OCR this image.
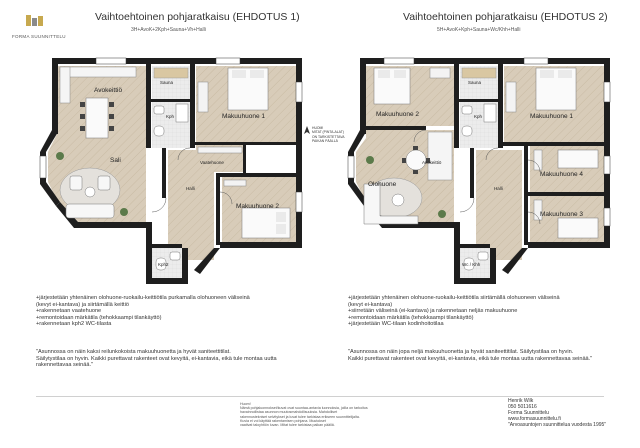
FORMA SUUNNITTELU
Vaihtoehtoinen pohjaratkaisu (EHDOTUS 1)
3H+AvoK+2Kph+Sauna+Vh+Halli
Vaihtoehtoinen pohjaratkaisu (EHDOTUS 2)
5H+AvoK+Kph+Sauna+Wc/Khh+Halli
Avokeittiö
Sauna
Kph	Makuuhuone 1
Sali	Vaatehuone
Halli
Makuuhuone 2
Kph2
HUOM!
MITAT (PINTA-ALAT)
ON TARKISTETTAVA
PAIKAN PÄÄLLÄ
Makuuhuone 2
Sauna
Kph	Makuuhuone 1
Avokeittiö
Olohuone
Halli
Makuuhuone 4
Makuuhuone 3
Wc / Khh
+järjestetään yhtenäinen olohuone-ruokailu-keittiötila purkamalla olohuoneen väliseinä
(kevyt ei-kantava) ja siirtämällä keittiö
+rakennetaan vaatehuone
+remontoidaan märkätila (tehokkaampi tilankäyttö)
+rakennetaan kph2 WC-tilasta
"Asunnossa on näin kaksi reilunkokoista makuuhuonetta ja hyvät saniteettitilat.
Säilytystilaa on hyvin. Kaikki purettavat rakenteet ovat kevyitä, ei-kantavia, eikä tule montaa uutta
rakennettavaa seinää."
+järjestetään yhtenäinen olohuone-ruokailu-keittiötila siirtämällä olohuoneen väliseinä
(kevyt ei-kantava)
+siirretään väliseinä (ei-kantava) ja rakennetaan neljäs makuuhuone
+remontoidaan märkätila (tehokkaampi tilankäyttö)
+järjestetään WC-tilaan kodinhoitotilaa
"Asunnossa on näin jopa neljä makuuhuonetta ja hyvät saniteettitilat. Säilytystilaa on hyvin.
Kaikki purettavat rakenteet ovat kevyitä, ei-kantavia, eikä tule montaa uutta rakennettavaa seinää."
Huom!
Nämä pohjaluonnokset/kuvat ovat suuntaa-antavia luonnoksia, joilla on tarkoitus
havainnollistaa asunnon muutosmahdollisuuksia. Mahdolliset
rakennustekniset selvitykset ja luvat tulee tarkistaa erikseen suunnittelijalta.
Kuvia ei voi käyttää rakentamisen pohjana. Muutokset
vaativat taloyhtiön luvan. Mitat tulee tarkistaa paikan päällä.
Henrik Wilk
050 5011616
Forma Suunnittelu
www.formasuunnittelu.fi
"Arvoasuntojen suunnittelua vuodesta 1995"
